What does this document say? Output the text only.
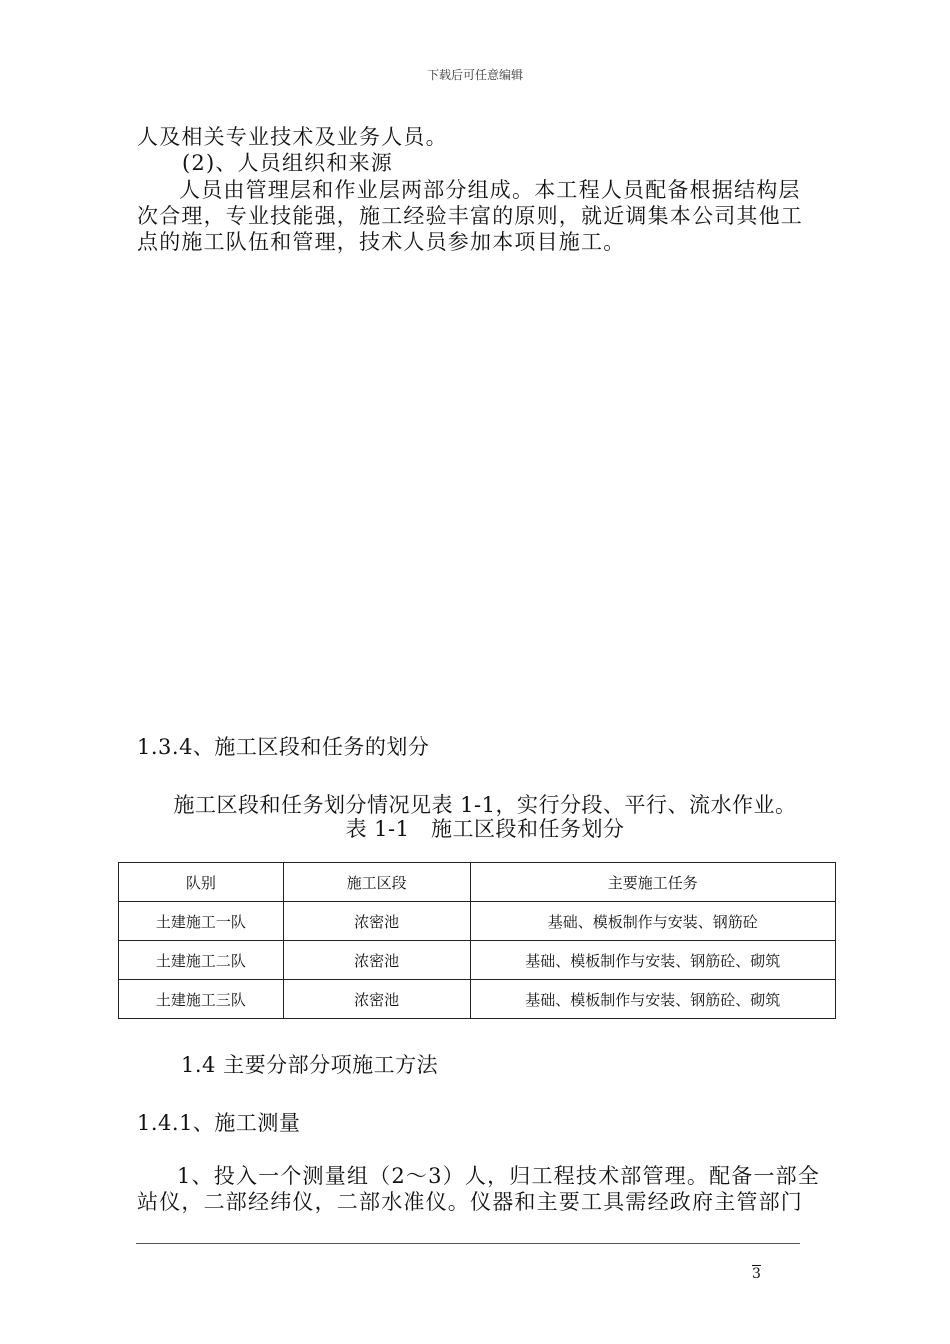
下载后可任意编辑
人及相关专业技术及业务人员。
(2)、人员组织和来源
人员由管理层和作业层两部分组成。本工程人员配备根据结构层
次合理，专业技能强，施工经验丰富的原则，就近调集本公司其他工
点的施工队伍和管理，技术人员参加本项目施工。
1.3.4、施工区段和任务的划分
施工区段和任务划分情况见表 1-1，实行分段、平行、流水作业。
表 1-1　施工区段和任务划分
队别	施工区段	主要施工任务
土建施工一队	浓密池	基础、模板制作与安装、钢筋砼
土建施工二队	浓密池	基础、模板制作与安装、钢筋砼、砌筑
土建施工三队	浓密池	基础、模板制作与安装、钢筋砼、砌筑
1.4 主要分部分项施工方法
1.4.1、施工测量
1、投入一个测量组（2～3）人，归工程技术部管理。配备一部全
站仪，二部经纬仪，二部水准仪。仪器和主要工具需经政府主管部门
3
